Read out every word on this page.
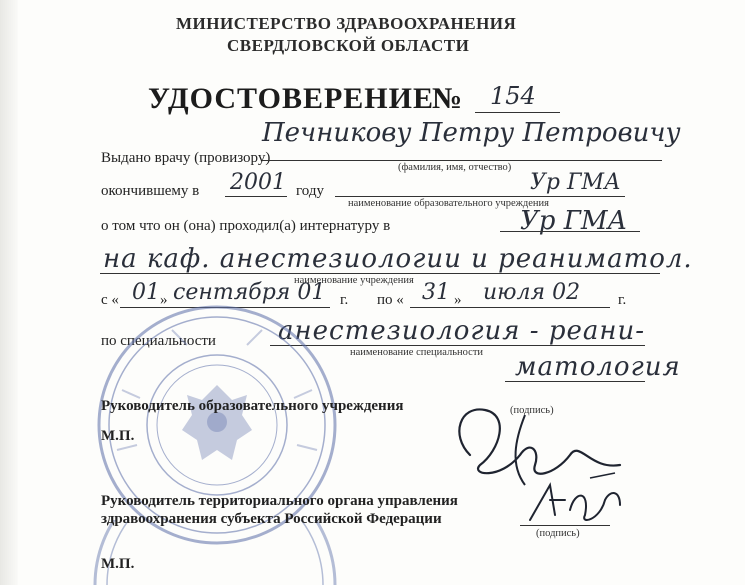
МИНИСТЕРСТВО ЗДРАВООХРАНЕНИЯ
СВЕРДЛОВСКОЙ ОБЛАСТИ
УДОСТОВЕРЕНИЕ
№ 154
Выдано врачу (провизору)
Печникову Петру Петровичу
(фамилия, имя, отчество)
окончившему в 2001 году	Ур ГМА
наименование образовательного учреждения
о том что он (она) проходил(а) интернатуру в	Ур ГМА
на каф. анестезиологии и реаниматол.
наименование учреждения
с « 01 » сентября 01 г. по « 31 » июля 02	г.
по специальности анестезиология - реани-
наименование специальности матология
Руководитель образовательного учреждения	(подпись)
М.П.
Руководитель территориального органа управления
здравоохранения субъекта Российской Федерации
(подпись)
М.П.
